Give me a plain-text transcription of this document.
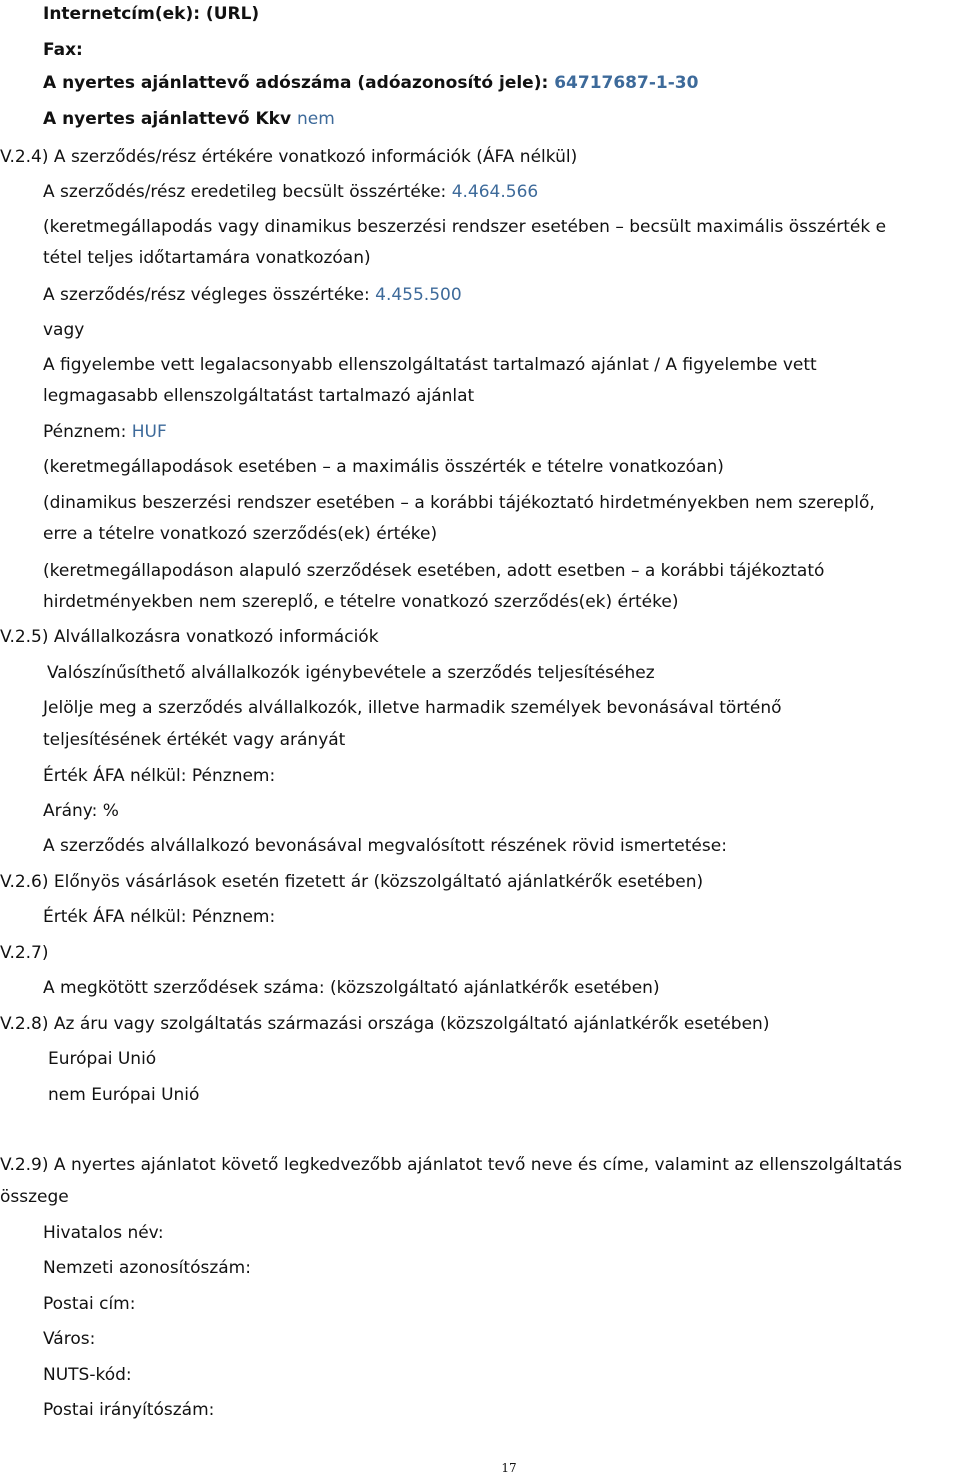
Internetcím(ek): (URL)
Fax:
A nyertes ajánlattevő adószáma (adóazonosító jele): 64717687-1-30
A nyertes ajánlattevő Kkv nem
V.2.4) A szerződés/rész értékére vonatkozó információk (ÁFA nélkül)
A szerződés/rész eredetileg becsült összértéke: 4.464.566
(keretmegállapodás vagy dinamikus beszerzési rendszer esetében – becsült maximális összérték e
tétel teljes időtartamára vonatkozóan)
A szerződés/rész végleges összértéke: 4.455.500
vagy
A figyelembe vett legalacsonyabb ellenszolgáltatást tartalmazó ajánlat / A figyelembe vett
legmagasabb ellenszolgáltatást tartalmazó ajánlat
Pénznem: HUF
(keretmegállapodások esetében – a maximális összérték e tételre vonatkozóan)
(dinamikus beszerzési rendszer esetében – a korábbi tájékoztató hirdetményekben nem szereplő,
erre a tételre vonatkozó szerződés(ek) értéke)
(keretmegállapodáson alapuló szerződések esetében, adott esetben – a korábbi tájékoztató
hirdetményekben nem szereplő, e tételre vonatkozó szerződés(ek) értéke)
V.2.5) Alvállalkozásra vonatkozó információk
Valószínűsíthető alvállalkozók igénybevétele a szerződés teljesítéséhez
Jelölje meg a szerződés alvállalkozók, illetve harmadik személyek bevonásával történő
teljesítésének értékét vagy arányát
Érték ÁFA nélkül: Pénznem:
Arány: %
A szerződés alvállalkozó bevonásával megvalósított részének rövid ismertetése:
V.2.6) Előnyös vásárlások esetén fizetett ár (közszolgáltató ajánlatkérők esetében)
Érték ÁFA nélkül: Pénznem:
V.2.7)
A megkötött szerződések száma: (közszolgáltató ajánlatkérők esetében)
V.2.8) Az áru vagy szolgáltatás származási országa (közszolgáltató ajánlatkérők esetében)
Európai Unió
nem Európai Unió
V.2.9) A nyertes ajánlatot követő legkedvezőbb ajánlatot tevő neve és címe, valamint az ellenszolgáltatás
összege
Hivatalos név:
Nemzeti azonosítószám:
Postai cím:
Város:
NUTS-kód:
Postai irányítószám:
17
